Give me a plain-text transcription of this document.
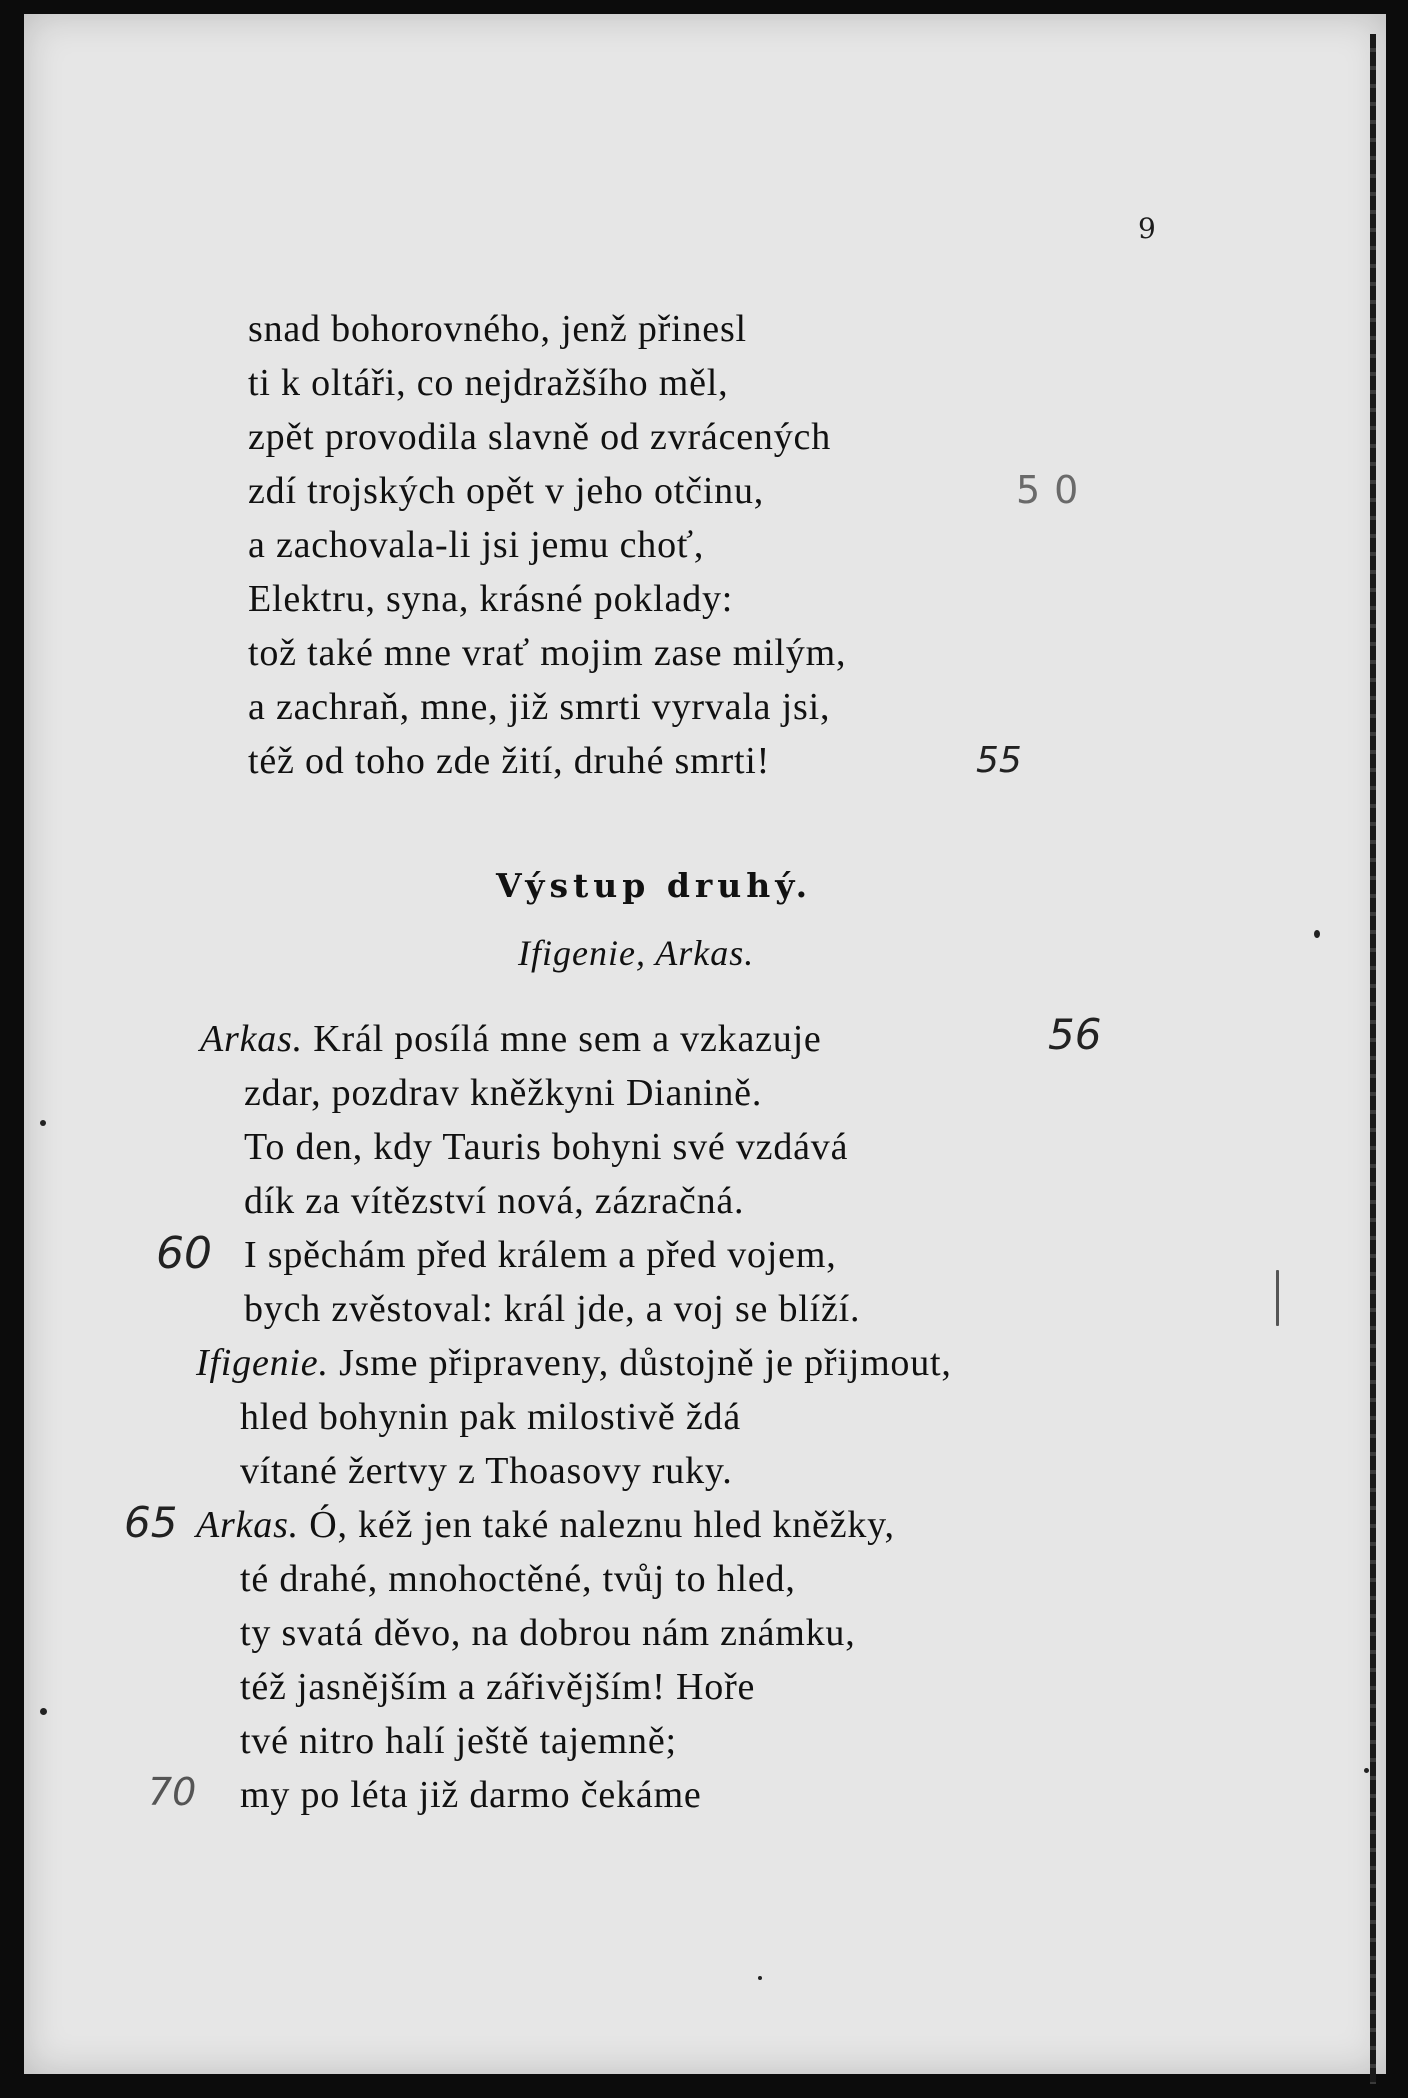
9
snad bohorovného, jenž přinesl
ti k oltáři, co nejdražšího měl,
zpět provodila slavně od zvrácených
zdí trojských opět v jeho otčinu,
a zachovala-li jsi jemu choť,
Elektru, syna, krásné poklady:
tož také mne vrať mojim zase milým,
a zachraň, mne, již smrti vyrvala jsi,
též od toho zde žití, druhé smrti!
Výstup druhý.
Ifigenie, Arkas.
Arkas. Král posílá mne sem a vzkazuje
zdar, pozdrav kněžkyni Dianině.
To den, kdy Tauris bohyni své vzdává
dík za vítězství nová, zázračná.
I spěchám před králem a před vojem,
bych zvěstoval: král jde, a voj se blíží.
Ifigenie. Jsme připraveny, důstojně je přijmout,
hled bohynin pak milostivě ždá
vítané žertvy z Thoasovy ruky.
Arkas. Ó, kéž jen také naleznu hled kněžky,
té drahé, mnohoctěné, tvůj to hled,
ty svatá děvo, na dobrou nám známku,
též jasnějším a zářivějším! Hoře
tvé nitro halí ještě tajemně;
my po léta již darmo čekáme
50
55
56
60
65
70
